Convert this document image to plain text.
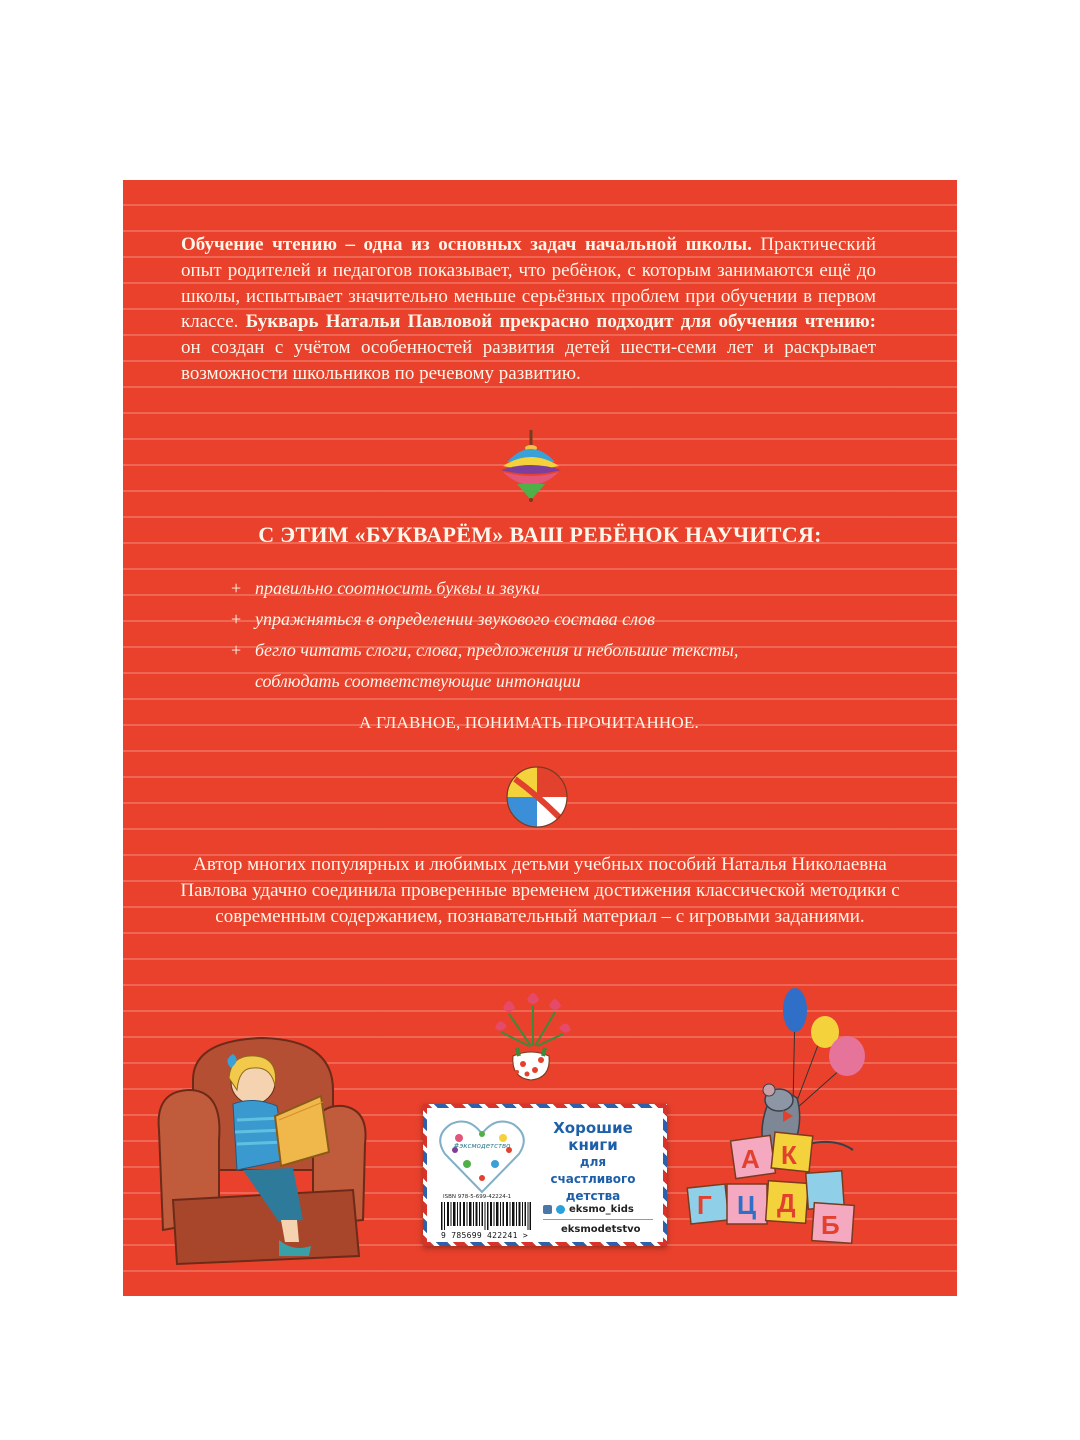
Обучение чтению – одна из основных задач начальной школы. Практический опыт родителей и педагогов показывает, что ребёнок, с которым занимаются ещё до школы, испытывает значительно меньше серьёзных проблем при обучении в первом классе. Букварь Натальи Павловой прекрасно подходит для обучения чтению: он создан с учётом особенностей развития детей шести-семи лет и раскрывает возможности школьников по речевому развитию.
С ЭТИМ «БУКВАРЁМ» ВАШ РЕБЁНОК НАУЧИТСЯ:
+ правильно соотносить буквы и звуки
+ упражняться в определении звукового состава слов
+ бегло читать слоги, слова, предложения и небольшие тексты,
соблюдать соответствующие интонации
А ГЛАВНОЕ, ПОНИМАТЬ ПРОЧИТАННОЕ.
Автор многих популярных и любимых детьми учебных пособий Наталья Николаевна Павлова удачно соединила проверенные временем достижения классической методики с современным содержанием, познавательный материал – с игровыми заданиями.
#эксмодетство
Хорошие
книги
для счастливого
детства
ISBN 978-5-699-42224-1
9 785699 422241 >
eksmo_kids
eksmodetstvo
А К
Г Ц
Б
Д
